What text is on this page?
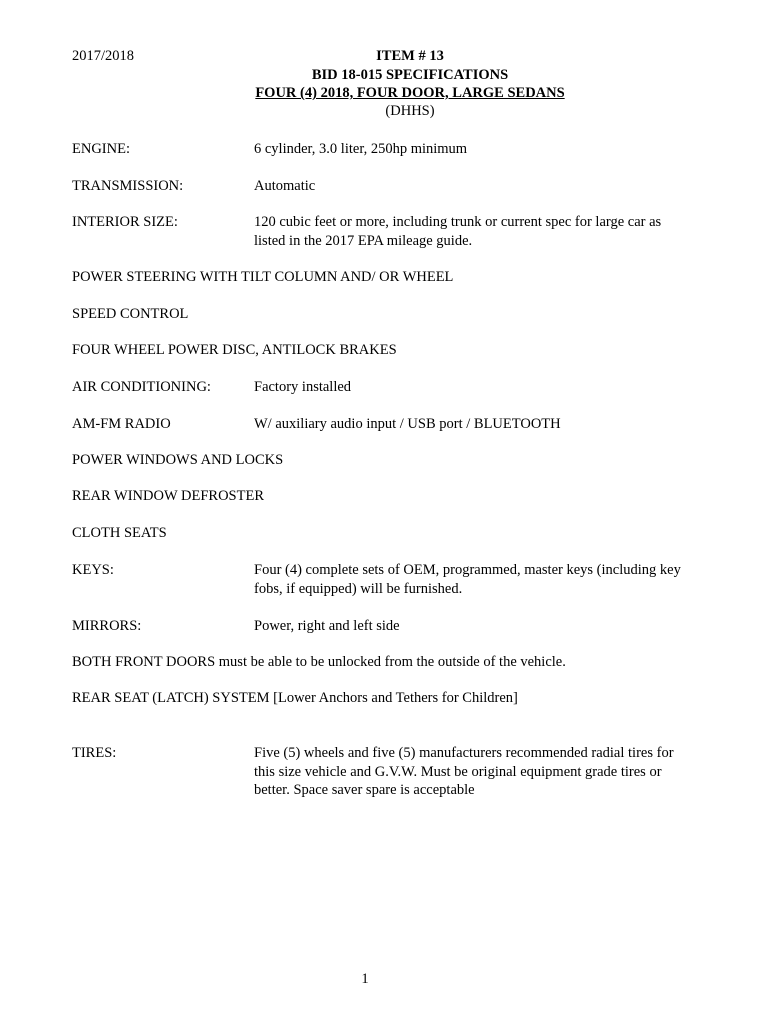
2017/2018	ITEM # 13
BID 18-015 SPECIFICATIONS
FOUR (4) 2018, FOUR DOOR, LARGE SEDANS
(DHHS)
ENGINE:	6 cylinder, 3.0 liter, 250hp minimum
TRANSMISSION:	Automatic
INTERIOR SIZE:	120 cubic feet or more, including trunk or current spec for large car as
listed in the 2017 EPA mileage guide.
POWER STEERING WITH TILT COLUMN AND/ OR WHEEL
SPEED CONTROL
FOUR WHEEL POWER DISC, ANTILOCK BRAKES
AIR CONDITIONING:	Factory installed
AM-FM RADIO	W/ auxiliary audio input / USB port / BLUETOOTH
POWER WINDOWS AND LOCKS
REAR WINDOW DEFROSTER
CLOTH SEATS
KEYS:	Four (4) complete sets of OEM, programmed, master keys (including key
fobs, if equipped) will be furnished.
MIRRORS:	Power, right and left side
BOTH FRONT DOORS must be able to be unlocked from the outside of the vehicle.
REAR SEAT (LATCH) SYSTEM [Lower Anchors and Tethers for Children]
TIRES:	Five (5) wheels and five (5) manufacturers recommended radial tires for
this size vehicle and G.V.W. Must be original equipment grade tires or
better. Space saver spare is acceptable
1
